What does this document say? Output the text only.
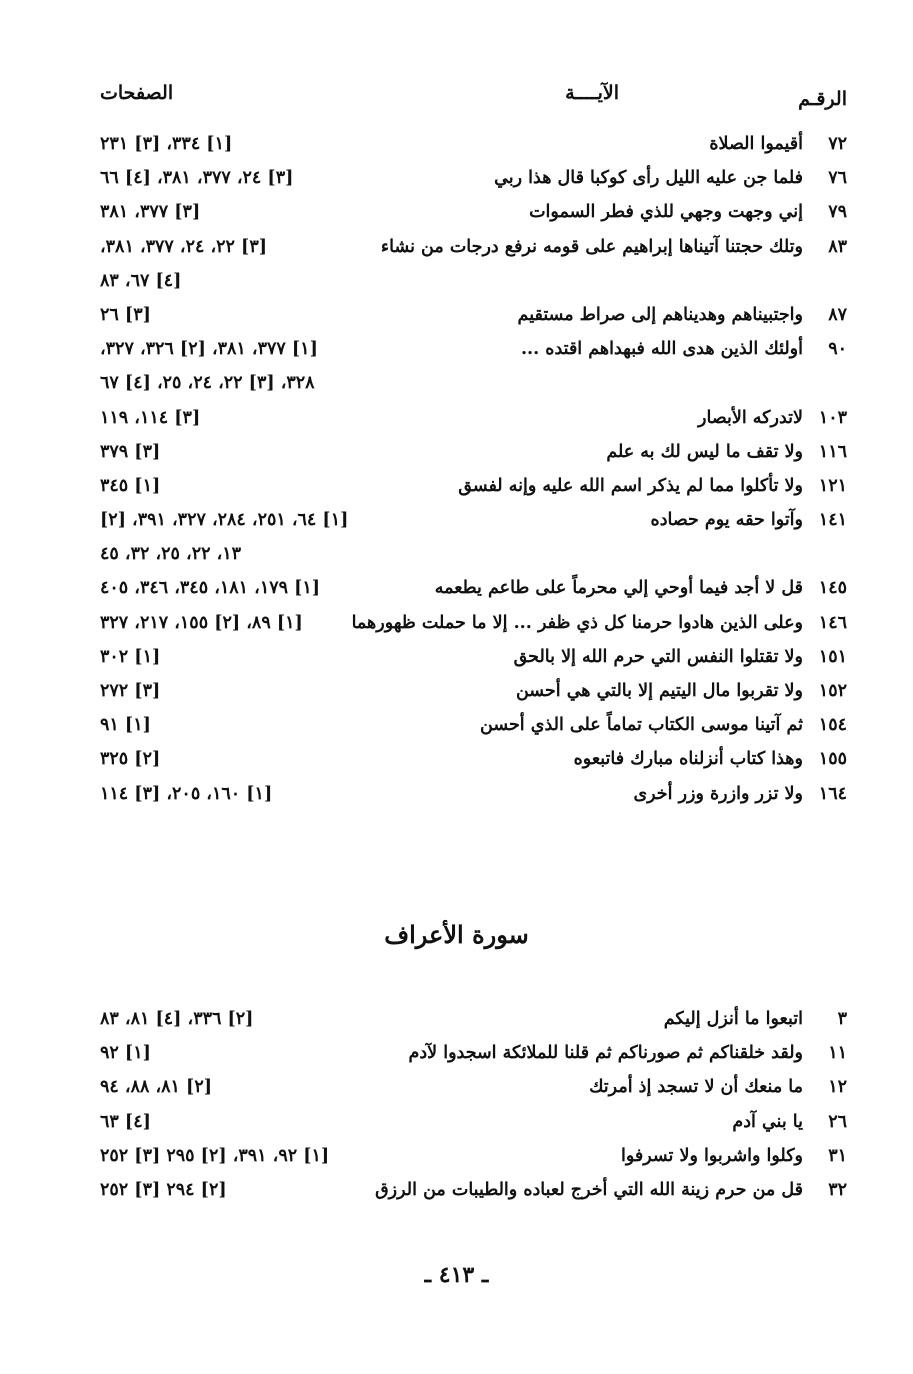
الرقـم
الآيــــة
الصفحات
٧٢
أقيموا الصلاة
[١] ٣٣٤، [٣] ٢٣١
٧٦
فلما جن عليه الليل رأى كوكبا قال هذا ربي
[٣] ٢٤، ٣٧٧، ٣٨١، [٤] ٦٦
٧٩
إني وجهت وجهي للذي فطر السموات
[٣] ٣٧٧، ٣٨١
٨٣
وتلك حجتنا آتيناها إبراهيم على قومه نرفع درجات من نشاء
[٣] ٢٢، ٢٤، ٣٧٧، ٣٨١،
[٤] ٦٧، ٨٣
٨٧
واجتبيناهم وهديناهم إلى صراط مستقيم
[٣] ٢٦
٩٠
أولئك الذين هدى الله فبهداهم اقتده ...
[١] ٣٧٧، ٣٨١، [٢] ٣٢٦، ٣٢٧،
٣٢٨، [٣] ٢٢، ٢٤، ٢٥، [٤] ٦٧
١٠٣
لاتدركه الأبصار
[٣] ١١٤، ١١٩
١١٦
ولا تقف ما ليس لك به علم
[٣] ٣٧٩
١٢١
ولا تأكلوا مما لم يذكر اسم الله عليه وإنه لفسق
[١] ٣٤٥
١٤١
وآتوا حقه يوم حصاده
[١] ٦٤، ٢٥١، ٢٨٤، ٣٢٧، ٣٩١، [٢]
١٣، ٢٢، ٢٥، ٣٢، ٤٥
١٤٥
قل لا أجد فيما أوحي إلي محرماً على طاعم يطعمه
[١] ١٧٩، ١٨١، ٣٤٥، ٣٤٦، ٤٠٥
١٤٦
وعلى الذين هادوا حرمنا كل ذي ظفر ... إلا ما حملت ظهورهما
[١] ٨٩، [٢] ١٥٥، ٢١٧، ٣٢٧
١٥١
ولا تقتلوا النفس التي حرم الله إلا بالحق
[١] ٣٠٢
١٥٢
ولا تقربوا مال اليتيم إلا بالتي هي أحسن
[٣] ٢٧٢
١٥٤
ثم آتينا موسى الكتاب تماماً على الذي أحسن
[١] ٩١
١٥٥
وهذا كتاب أنزلناه مبارك فاتبعوه
[٢] ٣٢٥
١٦٤
ولا تزر وازرة وزر أخرى
[١] ١٦٠، ٢٠٥، [٣] ١١٤
سورة الأعراف
٣
اتبعوا ما أنزل إليكم
[٢] ٣٣٦، [٤] ٨١، ٨٣
١١
ولقد خلقناكم ثم صورناكم ثم قلنا للملائكة اسجدوا لآدم
[١] ٩٢
١٢
ما منعك أن لا تسجد إذ أمرتك
[٢] ٨١، ٨٨، ٩٤
٢٦
يا بني آدم
[٤] ٦٣
٣١
وكلوا واشربوا ولا تسرفوا
[١] ٩٢، ٣٩١، [٢] ٢٩٥ [٣] ٢٥٢
٣٢
قل من حرم زينة الله التي أخرج لعباده والطيبات من الرزق
[٢] ٢٩٤ [٣] ٢٥٢
ـ ٤١٣ ـ
